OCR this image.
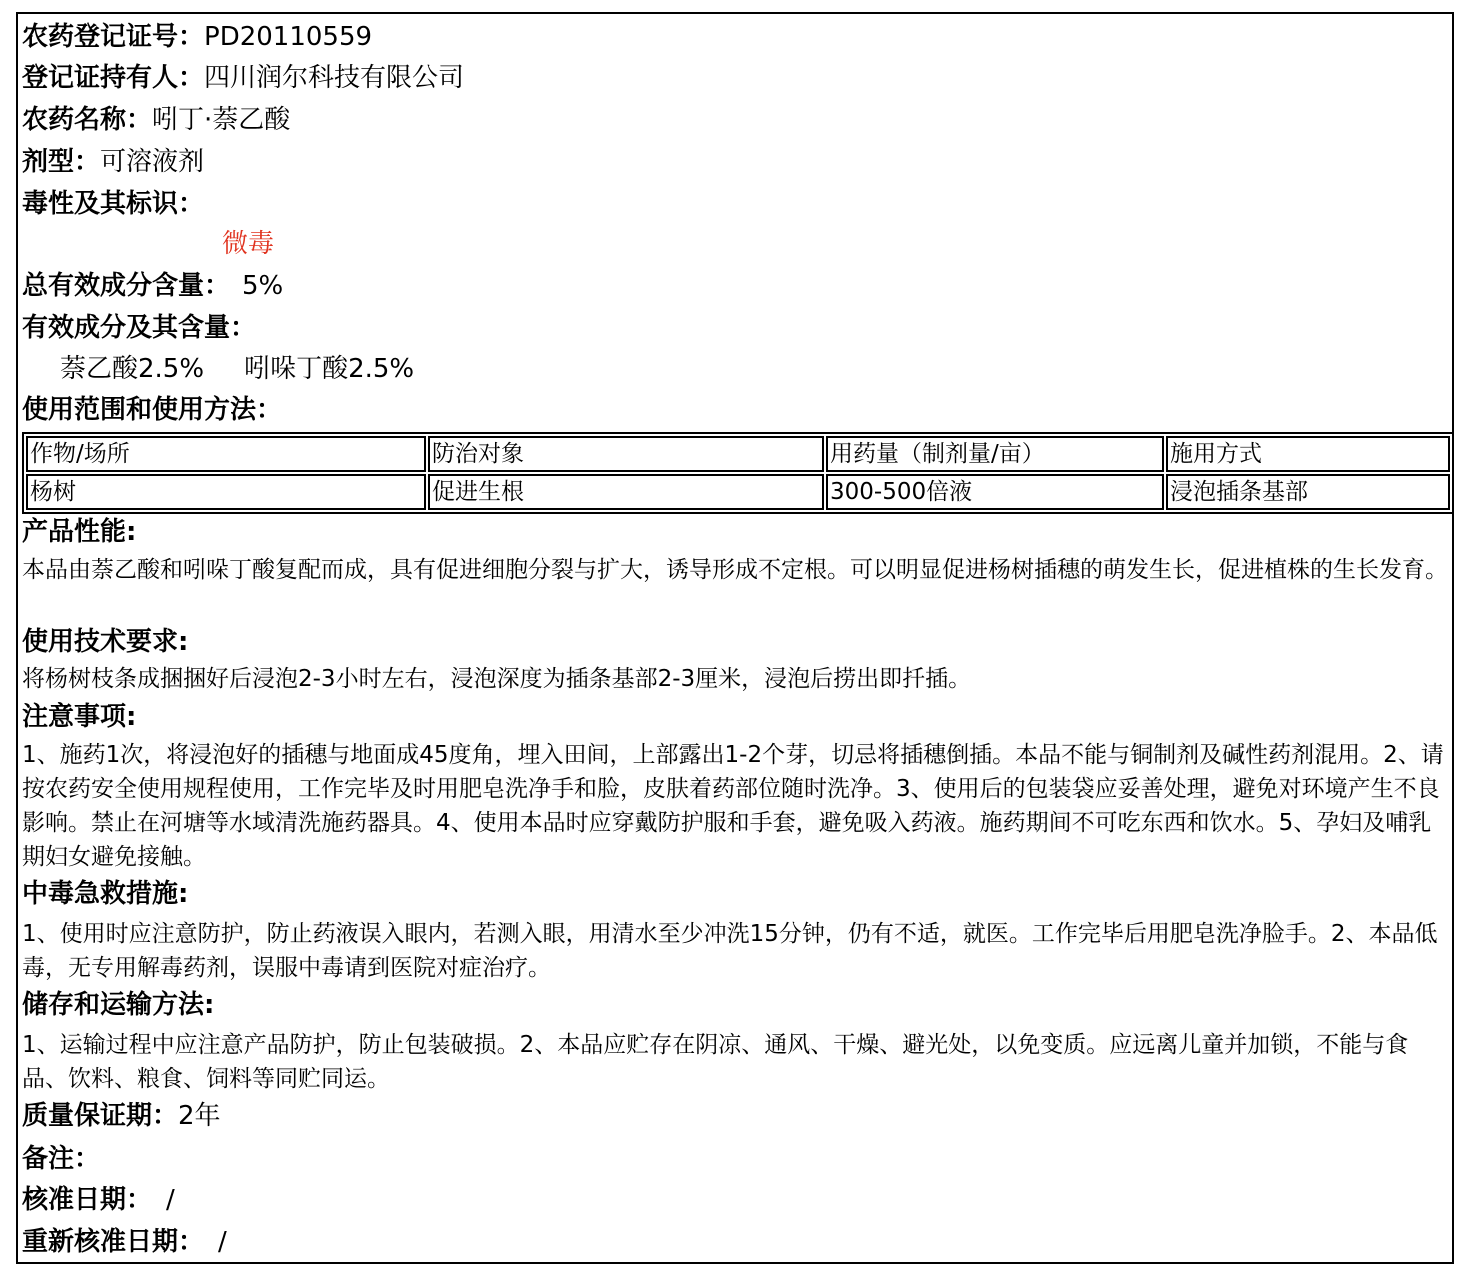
农药登记证号：PD20110559
登记证持有人：四川润尔科技有限公司
农药名称：吲丁·萘乙酸
剂型：可溶液剂
毒性及其标识：
微毒
总有效成分含量： 5%
有效成分及其含量：
萘乙酸2.5% 吲哚丁酸2.5%
使用范围和使用方法：
作物/场所	防治对象	用药量（制剂量/亩）	施用方式
杨树	促进生根	300-500倍液	浸泡插条基部
产品性能:
本品由萘乙酸和吲哚丁酸复配而成，具有促进细胞分裂与扩大，诱导形成不定根。可以明显促进杨树插穗的萌发生长，促进植株的生长发育。
使用技术要求:
将杨树枝条成捆捆好后浸泡2-3小时左右，浸泡深度为插条基部2-3厘米，浸泡后捞出即扦插。
注意事项:
1、施药1次，将浸泡好的插穗与地面成45度角，埋入田间，上部露出1-2个芽，切忌将插穗倒插。本品不能与铜制剂及碱性药剂混用。2、请按农药安全使用规程使用，工作完毕及时用肥皂洗净手和脸，皮肤着药部位随时洗净。3、使用后的包装袋应妥善处理，避免对环境产生不良影响。禁止在河塘等水域清洗施药器具。4、使用本品时应穿戴防护服和手套，避免吸入药液。施药期间不可吃东西和饮水。5、孕妇及哺乳期妇女避免接触。
中毒急救措施:
1、使用时应注意防护，防止药液误入眼内，若测入眼，用清水至少冲洗15分钟，仍有不适，就医。工作完毕后用肥皂洗净脸手。2、本品低毒，无专用解毒药剂，误服中毒请到医院对症治疗。
储存和运输方法:
1、运输过程中应注意产品防护，防止包装破损。2、本品应贮存在阴凉、通风、干燥、避光处，以免变质。应远离儿童并加锁，不能与食品、饮料、粮食、饲料等同贮同运。
质量保证期：2年
备注：
核准日期： /
重新核准日期： /
